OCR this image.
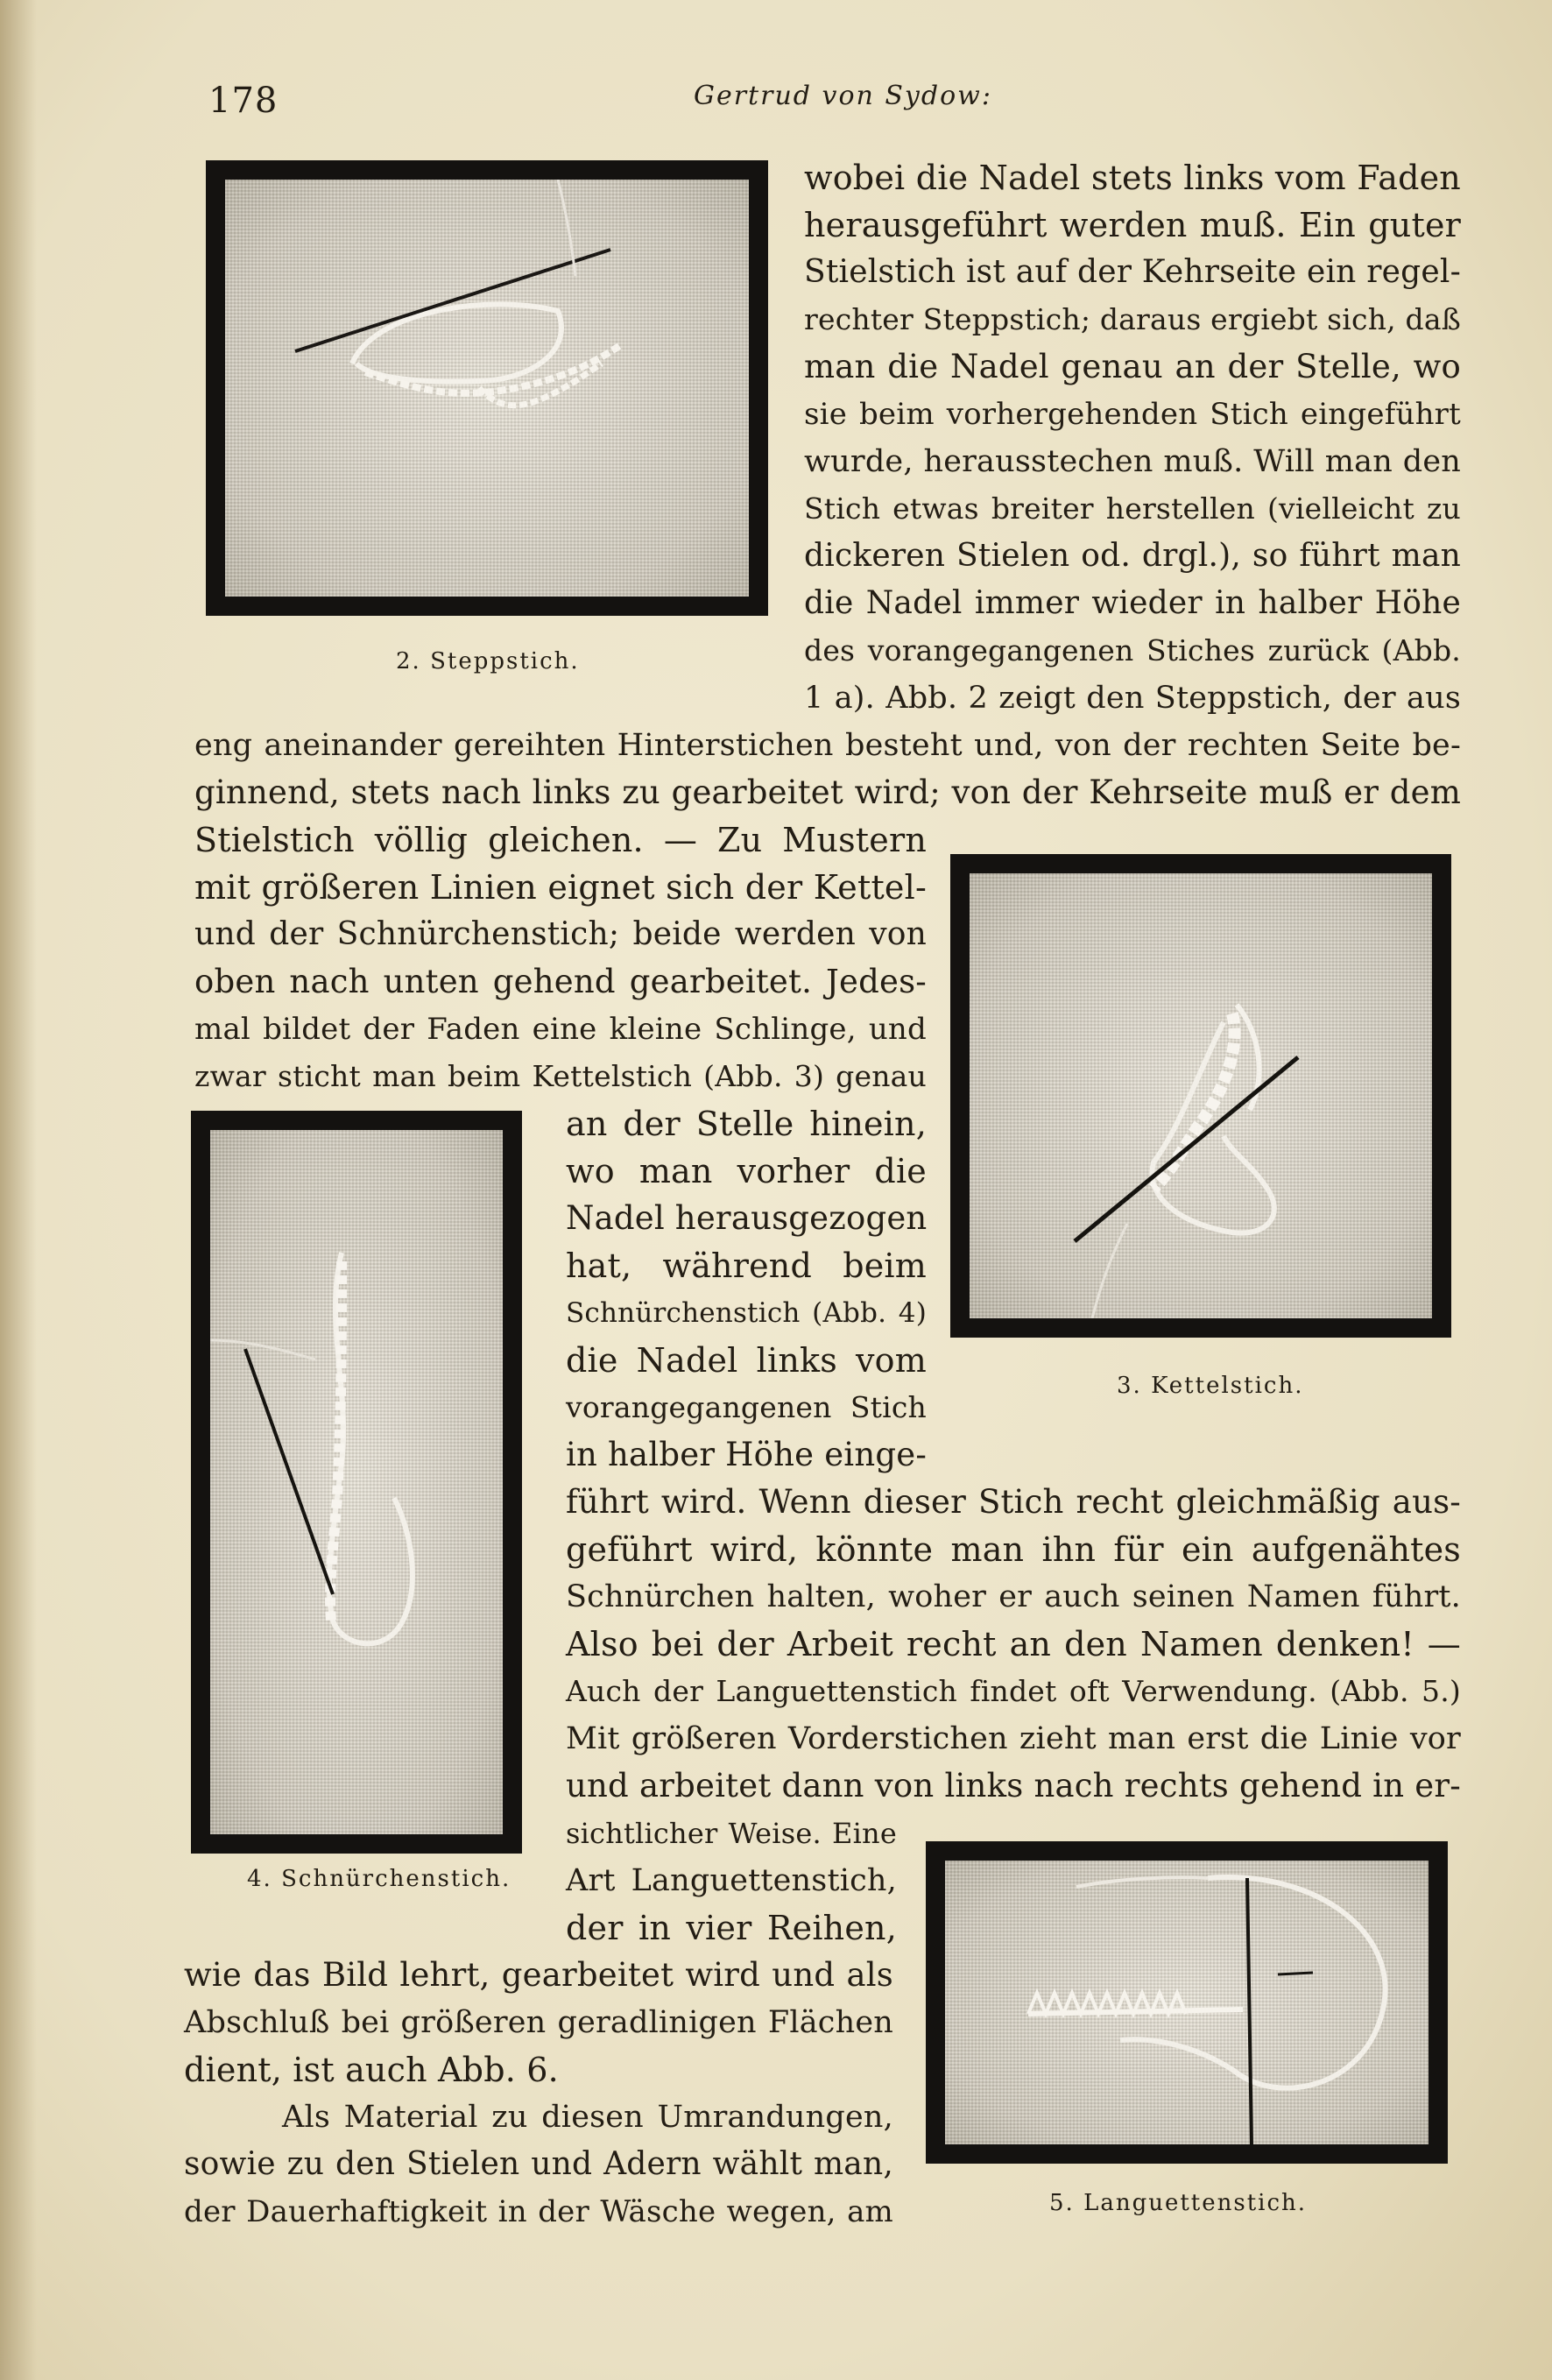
178	Gertrud von Sydow:
2. Steppstich.
wobei die Nadel stets links vom Faden
herausgeführt werden muß. Ein guter
Stielstich ist auf der Kehrseite ein regel-
rechter Steppstich; daraus ergiebt sich, daß
man die Nadel genau an der Stelle, wo
sie beim vorhergehenden Stich eingeführt
wurde, herausstechen muß. Will man den
Stich etwas breiter herstellen (vielleicht zu
dickeren Stielen od. drgl.), so führt man
die Nadel immer wieder in halber Höhe
des vorangegangenen Stiches zurück (Abb.
1 a). Abb. 2 zeigt den Steppstich, der aus
eng aneinander gereihten Hinterstichen besteht und, von der rechten Seite be-
ginnend, stets nach links zu gearbeitet wird; von der Kehrseite muß er dem
Stielstich völlig gleichen. — Zu Mustern
mit größeren Linien eignet sich der Kettel-
und der Schnürchenstich; beide werden von
oben nach unten gehend gearbeitet. Jedes-
mal bildet der Faden eine kleine Schlinge, und
zwar sticht man beim Kettelstich (Abb. 3) genau
3. Kettelstich.
4. Schnürchenstich.
an der Stelle hinein,
wo man vorher die
Nadel herausgezogen
hat, während beim
Schnürchenstich (Abb. 4)
die Nadel links vom
vorangegangenen Stich
in halber Höhe einge-
führt wird. Wenn dieser Stich recht gleichmäßig aus-
geführt wird, könnte man ihn für ein aufgenähtes
Schnürchen halten, woher er auch seinen Namen führt.
Also bei der Arbeit recht an den Namen denken! —
Auch der Languettenstich findet oft Verwendung. (Abb. 5.)
Mit größeren Vorderstichen zieht man erst die Linie vor
und arbeitet dann von links nach rechts gehend in er-
sichtlicher Weise. Eine
Art Languettenstich,
der in vier Reihen,
5. Languettenstich.
wie das Bild lehrt, gearbeitet wird und als
Abschluß bei größeren geradlinigen Flächen
dient, ist auch Abb. 6.
Als Material zu diesen Umrandungen,
sowie zu den Stielen und Adern wählt man,
der Dauerhaftigkeit in der Wäsche wegen, am
